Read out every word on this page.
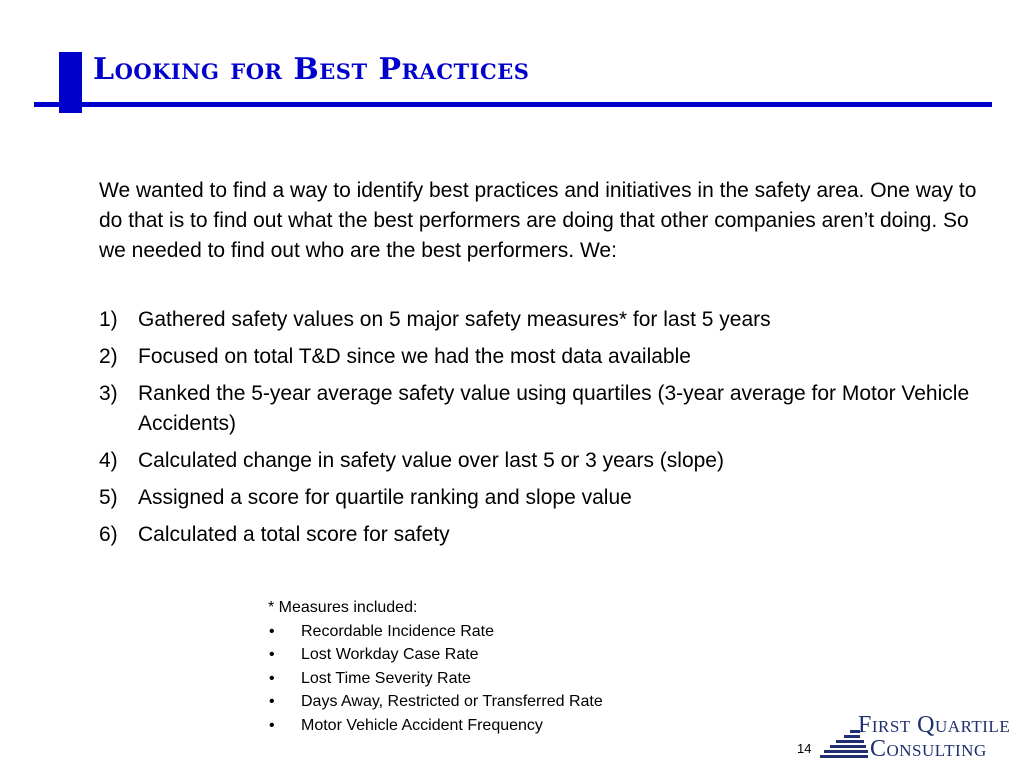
Looking for Best Practices

We wanted to find a way to identify best practices and initiatives in the safety area. One way to do that is to find out what the best performers are doing that other companies aren’t doing. So we needed to find out who are the best performers. We:

1) Gathered safety values on 5 major safety measures* for last 5 years
2) Focused on total T&D since we had the most data available
3) Ranked the 5-year average safety value using quartiles (3-year average for Motor Vehicle Accidents)
4) Calculated change in safety value over last 5 or 3 years (slope)
5) Assigned a score for quartile ranking and slope value
6) Calculated a total score for safety
* Measures included:
• Recordable Incidence Rate
• Lost Workday Case Rate
• Lost Time Severity Rate
• Days Away, Restricted or Transferred Rate
• Motor Vehicle Accident Frequency
14
First Quartile
Consulting
